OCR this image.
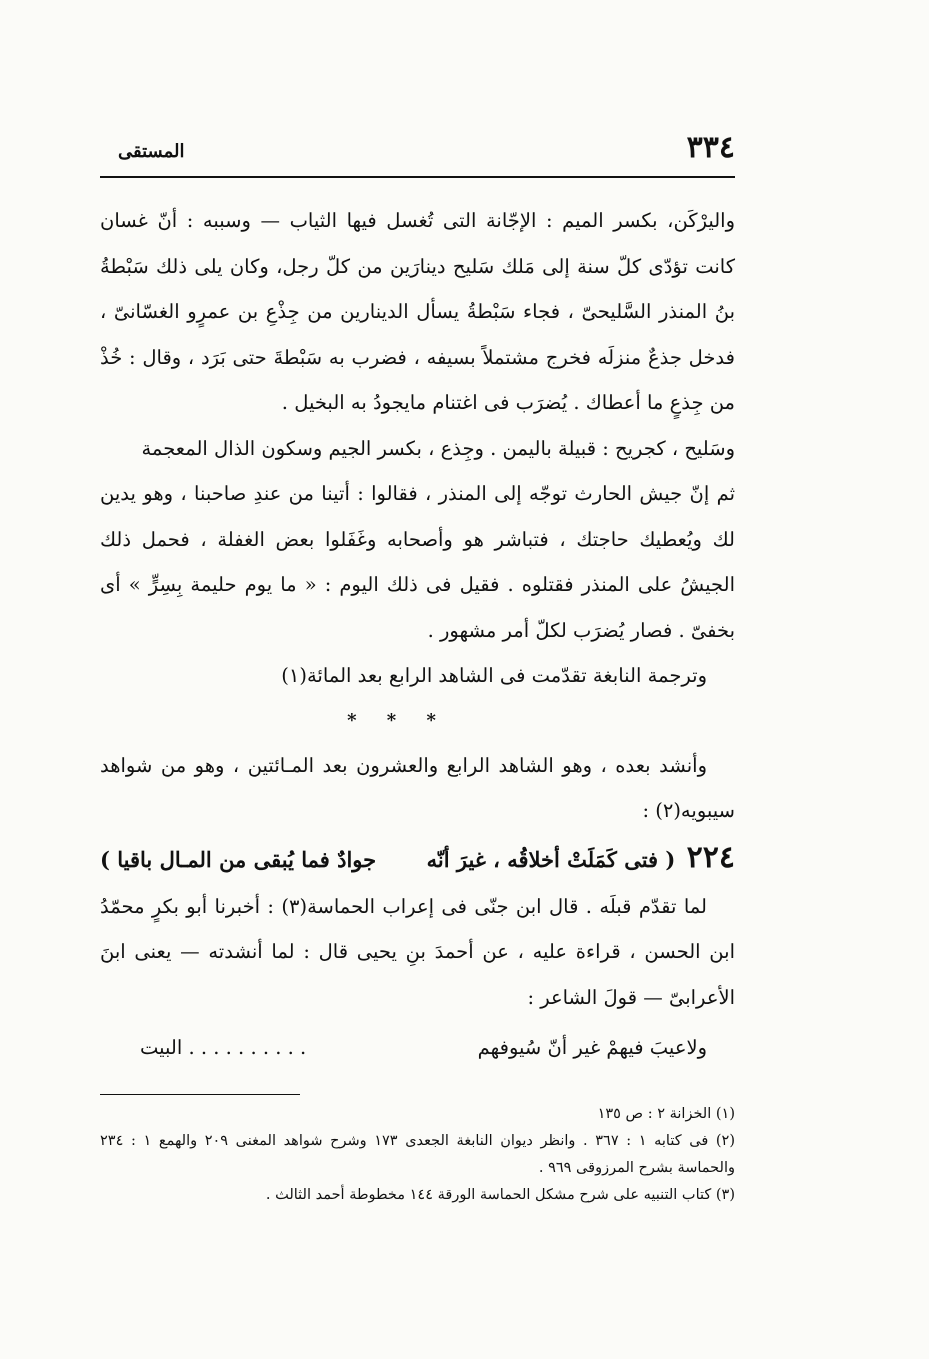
٣٣٤
المستقى

واليرْكَن، بكسر الميم : الإجّانة التى تُغسل فيها الثياب — وسببه : أنّ غسان كانت تؤدّى كلّ سنة إلى مَلك سَليح دينارَين من كلّ رجل، وكان يلى ذلك سَبْطةُ بنُ المنذر السَّليحىّ ، فجاء سَبْطةُ يسأل الدينارين من جِذْعِ بن عمرٍو الغسّانىّ ، فدخل جذعٌ منزلَه فخرج مشتملاً بسيفه ، فضرب به سَبْطةَ حتى بَرَد ، وقال : خُذْ من جِذعٍ ما أعطاك . يُضرَب فى اغتنام مايجودُ به البخيل .

وسَليح ، كجريح : قبيلة باليمن . وجِذع ، بكسر الجيم وسكون الذال المعجمة

ثم إنّ جيش الحارث توجّه إلى المنذر ، فقالوا : أتينا من عندِ صاحبنا ، وهو يدين لك ويُعطيك حاجتك ، فتباشر هو وأصحابه وغَفَلوا بعض الغفلة ، فحمل ذلك الجيشُ على المنذر فقتلوه . فقيل فى ذلك اليوم : « ما يوم حليمة بِسِرٍّ » أى بخفىّ . فصار يُضرَب لكلّ أمر مشهور .

وترجمة النابغة تقدّمت فى الشاهد الرابع بعد المائة(١)

* * *

وأنشد بعده ، وهو الشاهد الرابع والعشرون بعد المـائتين ، وهو من شواهد سيبويه(٢) :

٢٢٤ ( فتى كَمَلَتْ أخلاقُه ، غيرَ أنّه
جوادٌ فما يُبقى من المـال باقيا )

لما تقدّم قبلَه . قال ابن جنّى فى إعراب الحماسة(٣) : أخبرنا أبو بكرٍ محمّدُ ابن الحسن ، قراءة عليه ، عن أحمدَ بنِ يحيى قال : لما أنشدته — يعنى ابنَ الأعرابىّ — قولَ الشاعر :

ولاعيبَ فيهمْ غير أنّ سُيوفهم
. . . . . . . . . . البيت

(١) الخزانة ٢ : ص ١٣٥

(٢) فى كتابه ١ : ٣٦٧ . وانظر ديوان النابغة الجعدى ١٧٣ وشرح شواهد المغنى ٢٠٩ والهمع ١ : ٢٣٤ والحماسة بشرح المرزوقى ٩٦٩ .

(٣) كتاب التنبيه على شرح مشكل الحماسة الورقة ١٤٤ مخطوطة أحمد الثالث .
